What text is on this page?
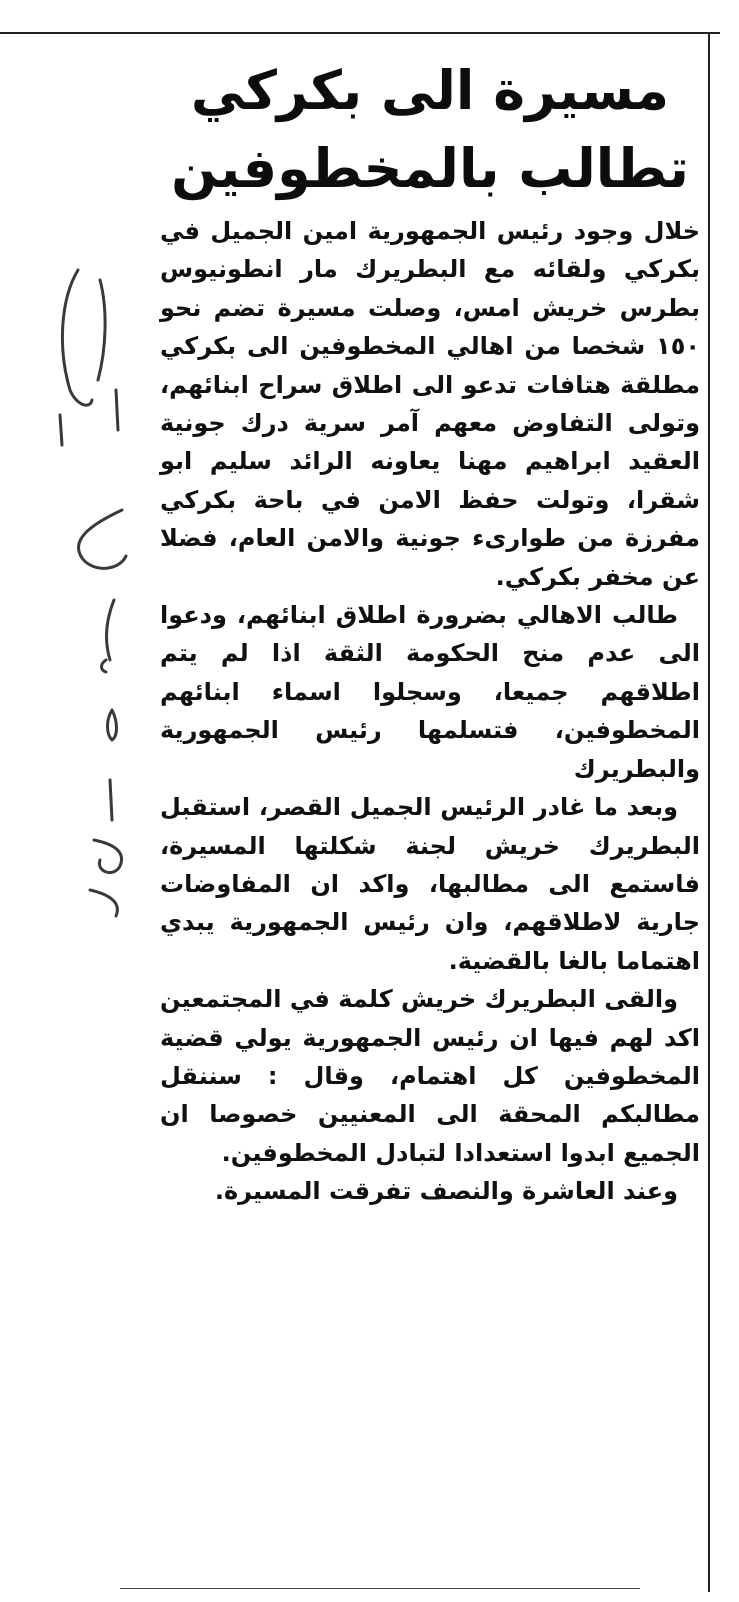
مسيرة الى بكركي
تطالب بالمخطوفين

خلال وجود رئيس الجمهورية امين الجميل في بكركي ولقائه مع البطريرك مار انطونيوس بطرس خريش امس، وصلت مسيرة تضم نحو ١٥٠ شخصا من اهالي المخطوفين الى بكركي مطلقة هتافات تدعو الى اطلاق سراح ابنائهم، وتولى التفاوض معهم آمر سرية درك جونية العقيد ابراهيم مهنا يعاونه الرائد سليم ابو شقرا، وتولت حفظ الامن في باحة بكركي مفرزة من طوارىء جونية والامن العام، فضلا عن مخفر بكركي.

طالب الاهالي بضرورة اطلاق ابنائهم، ودعوا الى عدم منح الحكومة الثقة اذا لم يتم اطلاقهم جميعا، وسجلوا اسماء ابنائهم المخطوفين، فتسلمها رئيس الجمهورية والبطريرك

وبعد ما غادر الرئيس الجميل القصر، استقبل البطريرك خريش لجنة شكلتها المسيرة، فاستمع الى مطالبها، واكد ان المفاوضات جارية لاطلاقهم، وان رئيس الجمهورية يبدي اهتماما بالغا بالقضية.

والقى البطريرك خريش كلمة في المجتمعين اكد لهم فيها ان رئيس الجمهورية يولي قضية المخطوفين كل اهتمام، وقال : سننقل مطالبكم المحقة الى المعنيين خصوصا ان الجميع ابدوا استعدادا لتبادل المخطوفين.

وعند العاشرة والنصف تفرقت المسيرة.
